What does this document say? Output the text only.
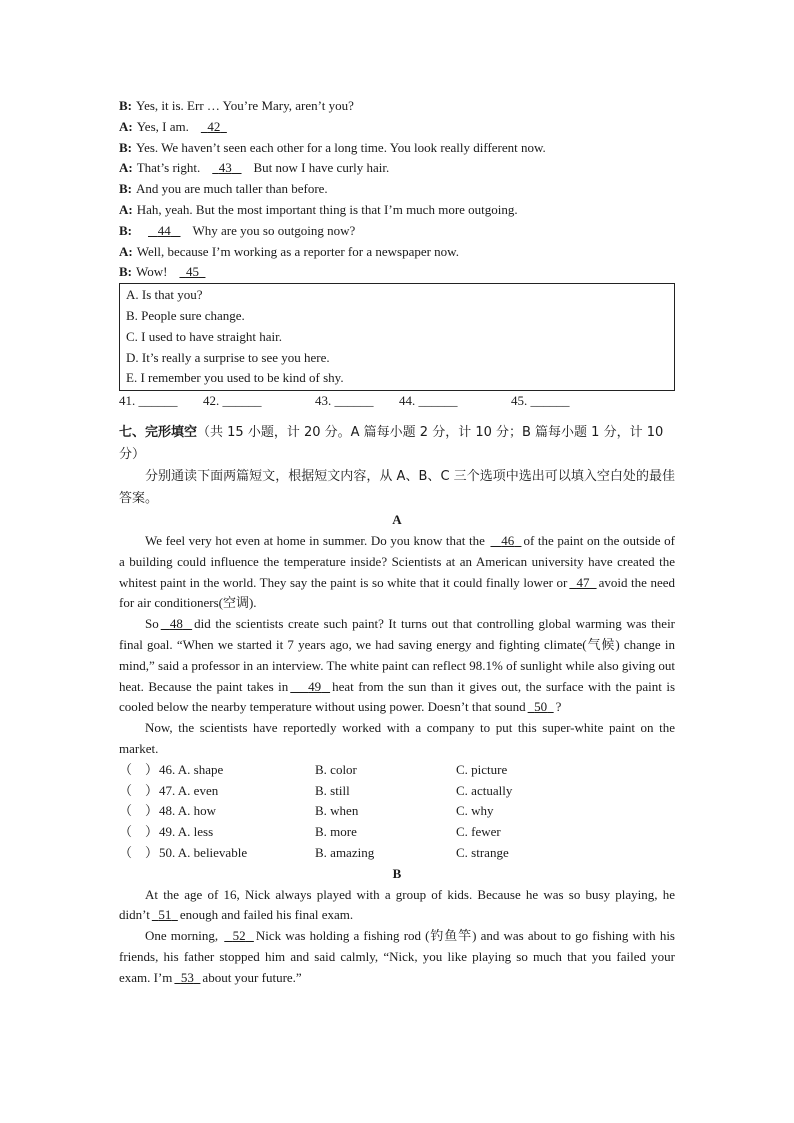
B: Yes, it is. Err … You’re Mary, aren’t you?
A: Yes, I am. 42
B: Yes. We haven’t seen each other for a long time. You look really different now.
A: That’s right. 43 But now I have curly hair.
B: And you are much taller than before.
A: Hah, yeah. But the most important thing is that I’m much more outgoing.
B: 44 Why are you so outgoing now?
A: Well, because I’m working as a reporter for a newspaper now.
B: Wow! 45
A. Is that you?
B. People sure change.
C. I used to have straight hair.
D. It’s really a surprise to see you here.
E. I remember you used to be kind of shy.
41. ______ 42. ______	43. ______ 44. ______	45. ______
七、完形填空（共 15 小题，计 20 分。A 篇每小题 2 分，计 10 分；B 篇每小题 1 分，计 10 分）
分别通读下面两篇短文，根据短文内容，从 A、B、C 三个选项中选出可以填入空白处的最佳答案。
A
We feel very hot even at home in summer. Do you know that the    46 of the paint on the outside of a building could influence the temperature inside? Scientists at an American university have created the whitest paint in the world. They say the paint is so white that it could finally lower or 47 avoid the need for air conditioners(空调).
So 48 did the scientists create such paint? It turns out that controlling global warming was their final goal. “When we started it 7 years ago, we had saving energy and fighting climate(气候) change in mind,” said a professor in an interview. The white paint can reflect 98.1% of sunlight while also giving out heat. Because the paint takes in 49 heat from the sun than it gives out, the surface with the paint is cooled below the nearby temperature without using power. Doesn’t that sound 50 ?
Now, the scientists have reportedly worked with a company to put this super-white paint on the market.
（　） 46. A. shape	B. color	C. picture
（　） 47. A. even	B. still	C. actually
（　） 48. A. how	B. when	C. why
（　） 49. A. less	B. more	C. fewer
（　） 50. A. believable	B. amazing	C. strange
B
At the age of 16, Nick always played with a group of kids. Because he was so busy playing, he didn’t 51 enough and failed his final exam.
One morning,   52 Nick was holding a fishing rod (钓鱼竿) and was about to go fishing with his friends, his father stopped him and said calmly, “Nick, you like playing so much that you failed your exam. I’m 53 about your future.”
